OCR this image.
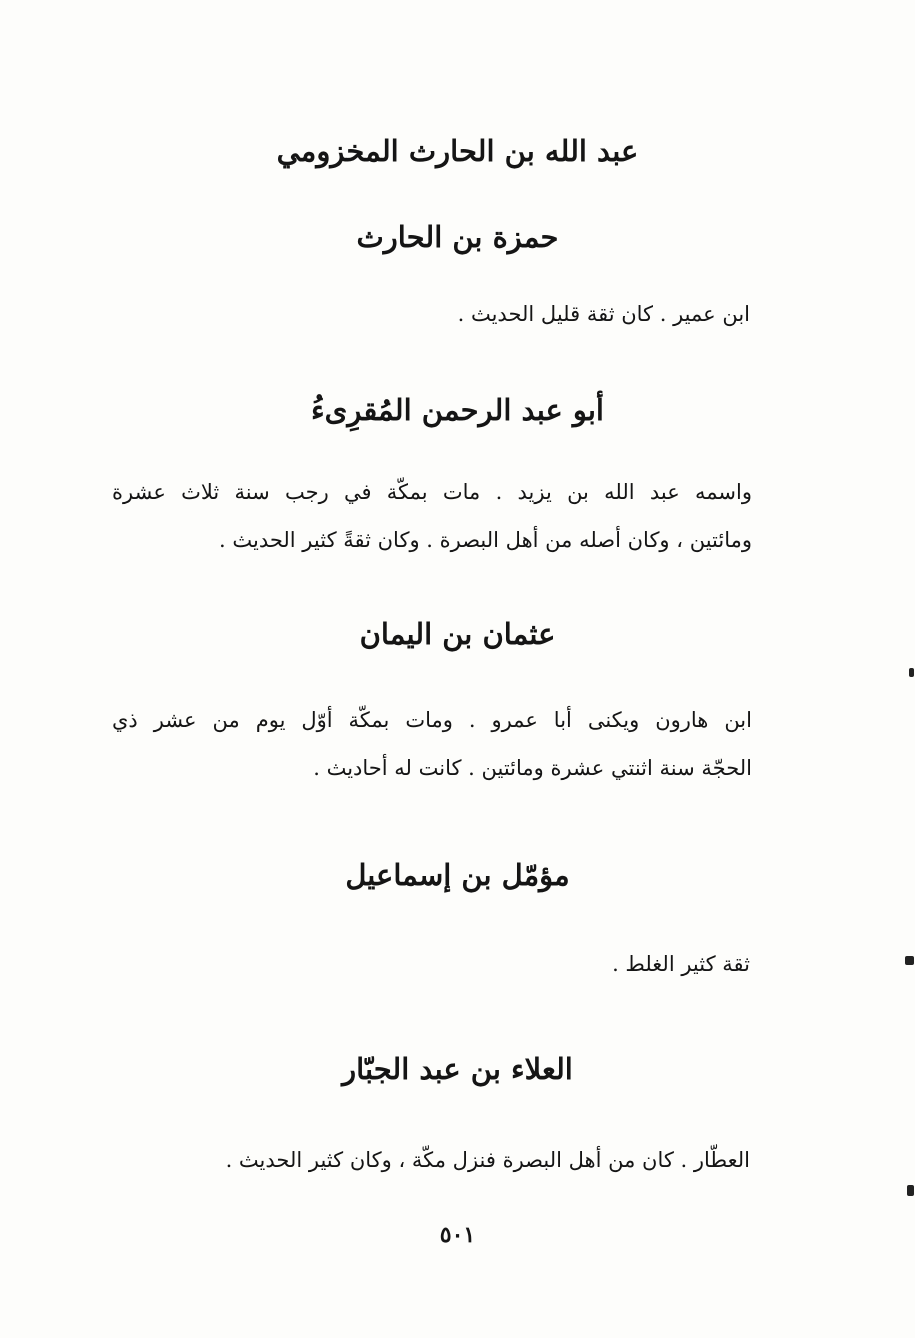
عبد الله بن الحارث المخزومي
حمزة بن الحارث
ابن عمير . كان ثقة قليل الحديث .
أبو عبد الرحمن المُقرِىءُ
واسمه عبد الله بن يزيد . مات بمكّة في رجب سنة ثلاث عشرة
ومائتين ، وكان أصله من أهل البصرة . وكان ثقةً كثير الحديث .
عثمان بن اليمان
ابن هارون ويكنى أبا عمرو . ومات بمكّة أوّل يوم من عشر ذي
الحجّة سنة اثنتي عشرة ومائتين . كانت له أحاديث .
مؤمّل بن إسماعيل
ثقة كثير الغلط .
العلاء بن عبد الجبّار
العطّار . كان من أهل البصرة فنزل مكّة ، وكان كثير الحديث .
٥٠١
